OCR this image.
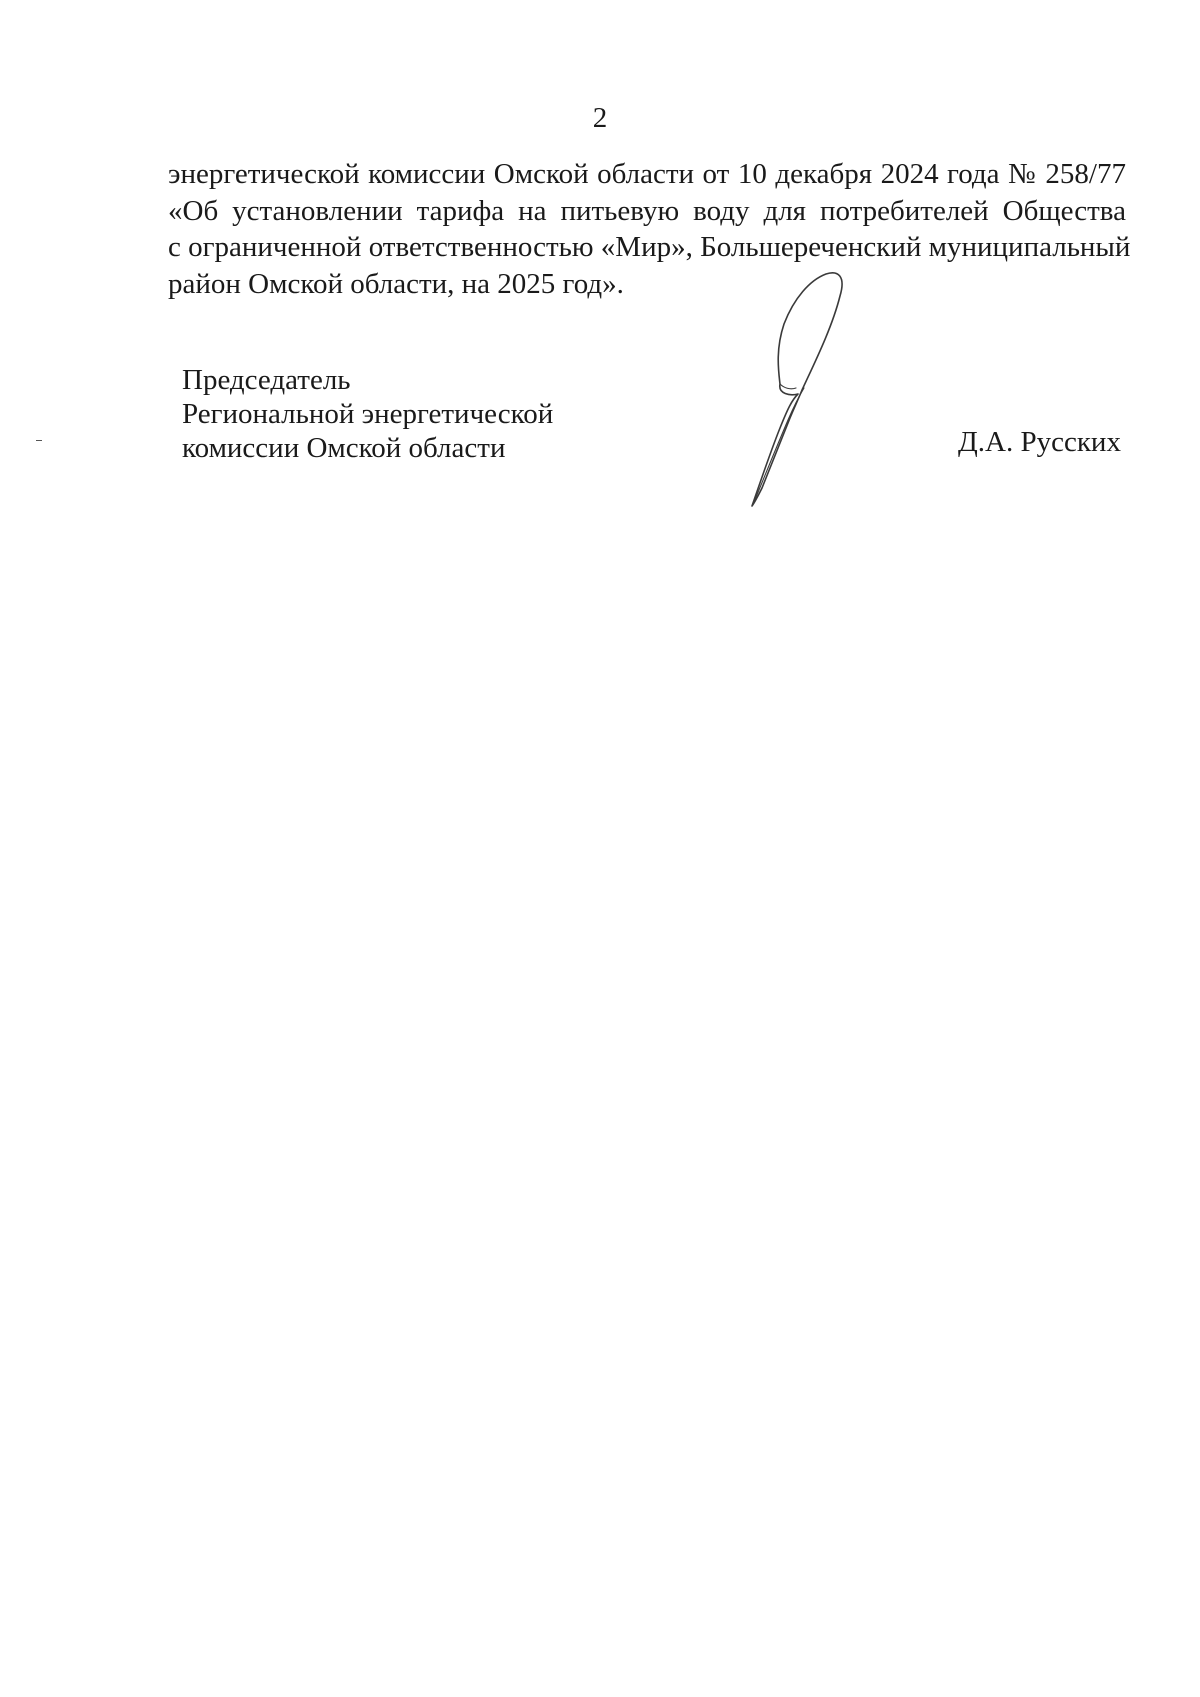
2
энергетической комиссии Омской области от 10 декабря 2024 года № 258/77
«Об установлении тарифа на питьевую воду для потребителей Общества
с ограниченной ответственностью «Мир», Большереченский муниципальный
район Омской области, на 2025 год».
Председатель
Региональной энергетической
комиссии Омской области	Д.А. Русских
